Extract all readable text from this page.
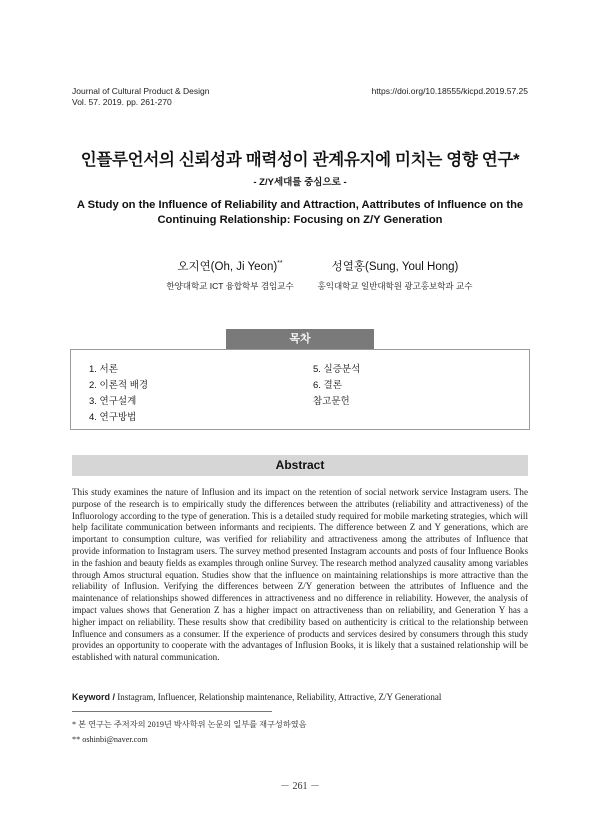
Journal of Cultural Product & Design
Vol. 57. 2019. pp. 261-270
https://doi.org/10.18555/kicpd.2019.57.25
인플루언서의 신뢰성과 매력성이 관계유지에 미치는 영향 연구*
- Z/Y세대를 중심으로 -
A Study on the Influence of Reliability and Attraction, Aattributes of Influence on the Continuing Relationship: Focusing on Z/Y Generation
오지연(Oh, Ji Yeon)**
한양대학교 ICT 융합학부 겸임교수
성열홍(Sung, Youl Hong)
홍익대학교 일반대학원 광고홍보학과 교수
목차
1. 서론
2. 이론적 배경
3. 연구설계
4. 연구방법
5. 실증분석
6. 결론
참고문헌
Abstract
This study examines the nature of Influsion and its impact on the retention of social network service Instagram users. The purpose of the research is to empirically study the differences between the attributes (reliability and attractiveness) of the Influorology according to the type of generation. This is a detailed study required for mobile marketing strategies, which will help facilitate communication between informants and recipients. The difference between Z and Y generations, which are important to consumption culture, was verified for reliability and attractiveness among the attributes of Influence that provide information to Instagram users. The survey method presented Instagram accounts and posts of four Influence Books in the fashion and beauty fields as examples through online Survey. The research method analyzed causality among variables through Amos structural equation. Studies show that the influence on maintaining relationships is more attractive than the reliability of Influsion. Verifying the differences between Z/Y generation between the attributes of Influence and the maintenance of relationships showed differences in attractiveness and no difference in reliability. However, the analysis of impact values shows that Generation Z has a higher impact on attractiveness than on reliability, and Generation Y has a higher impact on reliability. These results show that credibility based on authenticity is critical to the relationship between Influence and consumers as a consumer. If the experience of products and services desired by consumers through this study provides an opportunity to cooperate with the advantages of Influsion Books, it is likely that a sustained relationship will be established with natural communication.
Keyword / Instagram, Influencer, Relationship maintenance, Reliability, Attractive, Z/Y Generational
* 본 연구는 주저자의 2019년 박사학위 논문의 일부를 재구성하였음
** oshinbi@naver.com
－ 261 －
